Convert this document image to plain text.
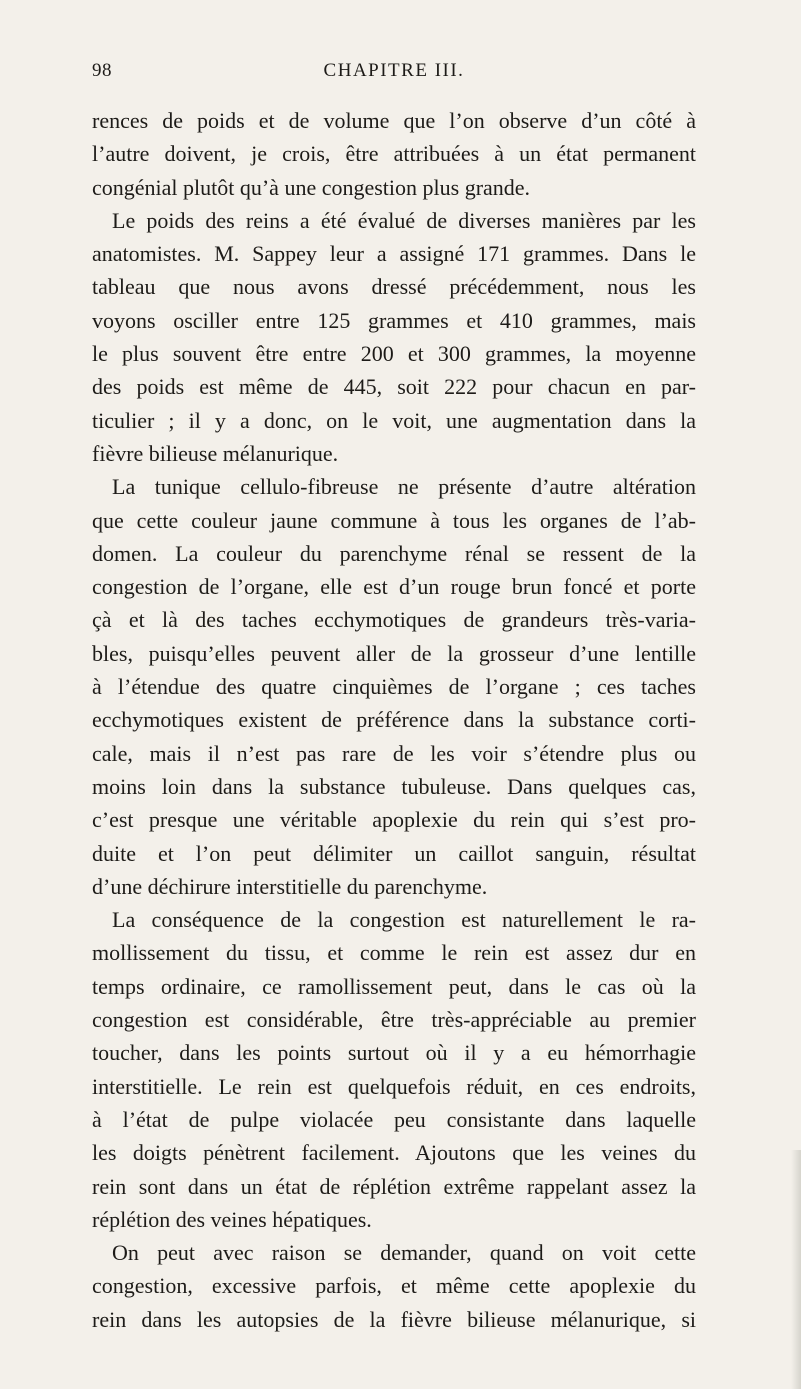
98	CHAPITRE III.
rences de poids et de volume que l’on observe d’un côté à
l’autre doivent, je crois, être attribuées à un état permanent
congénial plutôt qu’à une congestion plus grande.
Le poids des reins a été évalué de diverses manières par les
anatomistes. M. Sappey leur a assigné 171 grammes. Dans le
tableau que nous avons dressé précédemment, nous les
voyons osciller entre 125 grammes et 410 grammes, mais
le plus souvent être entre 200 et 300 grammes, la moyenne
des poids est même de 445, soit 222 pour chacun en par-
ticulier ; il y a donc, on le voit, une augmentation dans la
fièvre bilieuse mélanurique.
La tunique cellulo-fibreuse ne présente d’autre altération
que cette couleur jaune commune à tous les organes de l’ab-
domen. La couleur du parenchyme rénal se ressent de la
congestion de l’organe, elle est d’un rouge brun foncé et porte
çà et là des taches ecchymotiques de grandeurs très-varia-
bles, puisqu’elles peuvent aller de la grosseur d’une lentille
à l’étendue des quatre cinquièmes de l’organe ; ces taches
ecchymotiques existent de préférence dans la substance corti-
cale, mais il n’est pas rare de les voir s’étendre plus ou
moins loin dans la substance tubuleuse. Dans quelques cas,
c’est presque une véritable apoplexie du rein qui s’est pro-
duite et l’on peut délimiter un caillot sanguin, résultat
d’une déchirure interstitielle du parenchyme.
La conséquence de la congestion est naturellement le ra-
mollissement du tissu, et comme le rein est assez dur en
temps ordinaire, ce ramollissement peut, dans le cas où la
congestion est considérable, être très-appréciable au premier
toucher, dans les points surtout où il y a eu hémorrhagie
interstitielle. Le rein est quelquefois réduit, en ces endroits,
à l’état de pulpe violacée peu consistante dans laquelle
les doigts pénètrent facilement. Ajoutons que les veines du
rein sont dans un état de réplétion extrême rappelant assez la
réplétion des veines hépatiques.
On peut avec raison se demander, quand on voit cette
congestion, excessive parfois, et même cette apoplexie du
rein dans les autopsies de la fièvre bilieuse mélanurique, si
